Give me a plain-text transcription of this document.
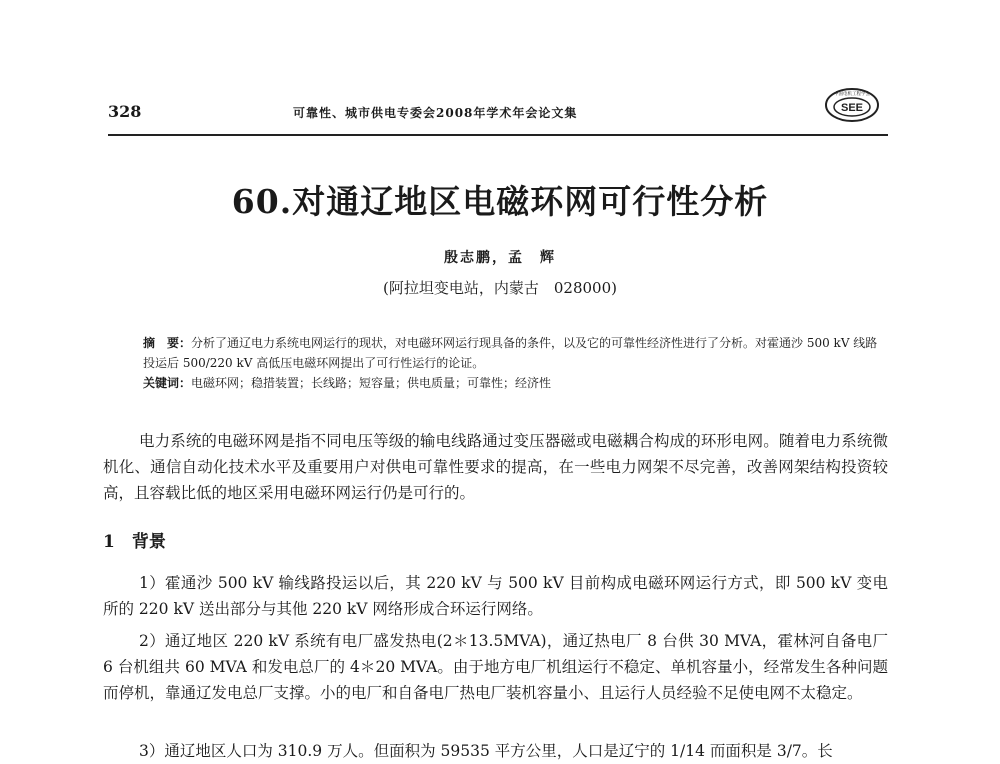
328	可靠性、城市供电专委会2008年学术年会论文集	SEE
中国电机工程学会
60.对通辽地区电磁环网可行性分析
殷志鹏，孟　辉
(阿拉坦变电站，内蒙古　028000)

摘　要：分析了通辽电力系统电网运行的现状，对电磁环网运行现具备的条件，以及它的可靠性经济性进行了分析。对霍通沙 500 kV 线路投运后 500/220 kV 高低压电磁环网提出了可行性运行的论证。

关键词：电磁环网；稳措装置；长线路；短容量；供电质量；可靠性；经济性

电力系统的电磁环网是指不同电压等级的输电线路通过变压器磁或电磁耦合构成的环形电网。随着电力系统微机化、通信自动化技术水平及重要用户对供电可靠性要求的提高，在一些电力网架不尽完善，改善网架结构投资较高，且容载比低的地区采用电磁环网运行仍是可行的。

1　背景

1）霍通沙 500 kV 输线路投运以后，其 220 kV 与 500 kV 目前构成电磁环网运行方式，即 500 kV 变电所的 220 kV 送出部分与其他 220 kV 网络形成合环运行网络。

2）通辽地区 220 kV 系统有电厂盛发热电(2＊13.5MVA)，通辽热电厂 8 台供 30 MVA，霍林河自备电厂 6 台机组共 60 MVA 和发电总厂的 4＊20 MVA。由于地方电厂机组运行不稳定、单机容量小，经常发生各种问题而停机，靠通辽发电总厂支撑。小的电厂和自备电厂热电厂装机容量小、且运行人员经验不足使电网不太稳定。

3）通辽地区人口为 310.9 万人。但面积为 59535 平方公里，人口是辽宁的 1/14 而面积是 3/7。长
